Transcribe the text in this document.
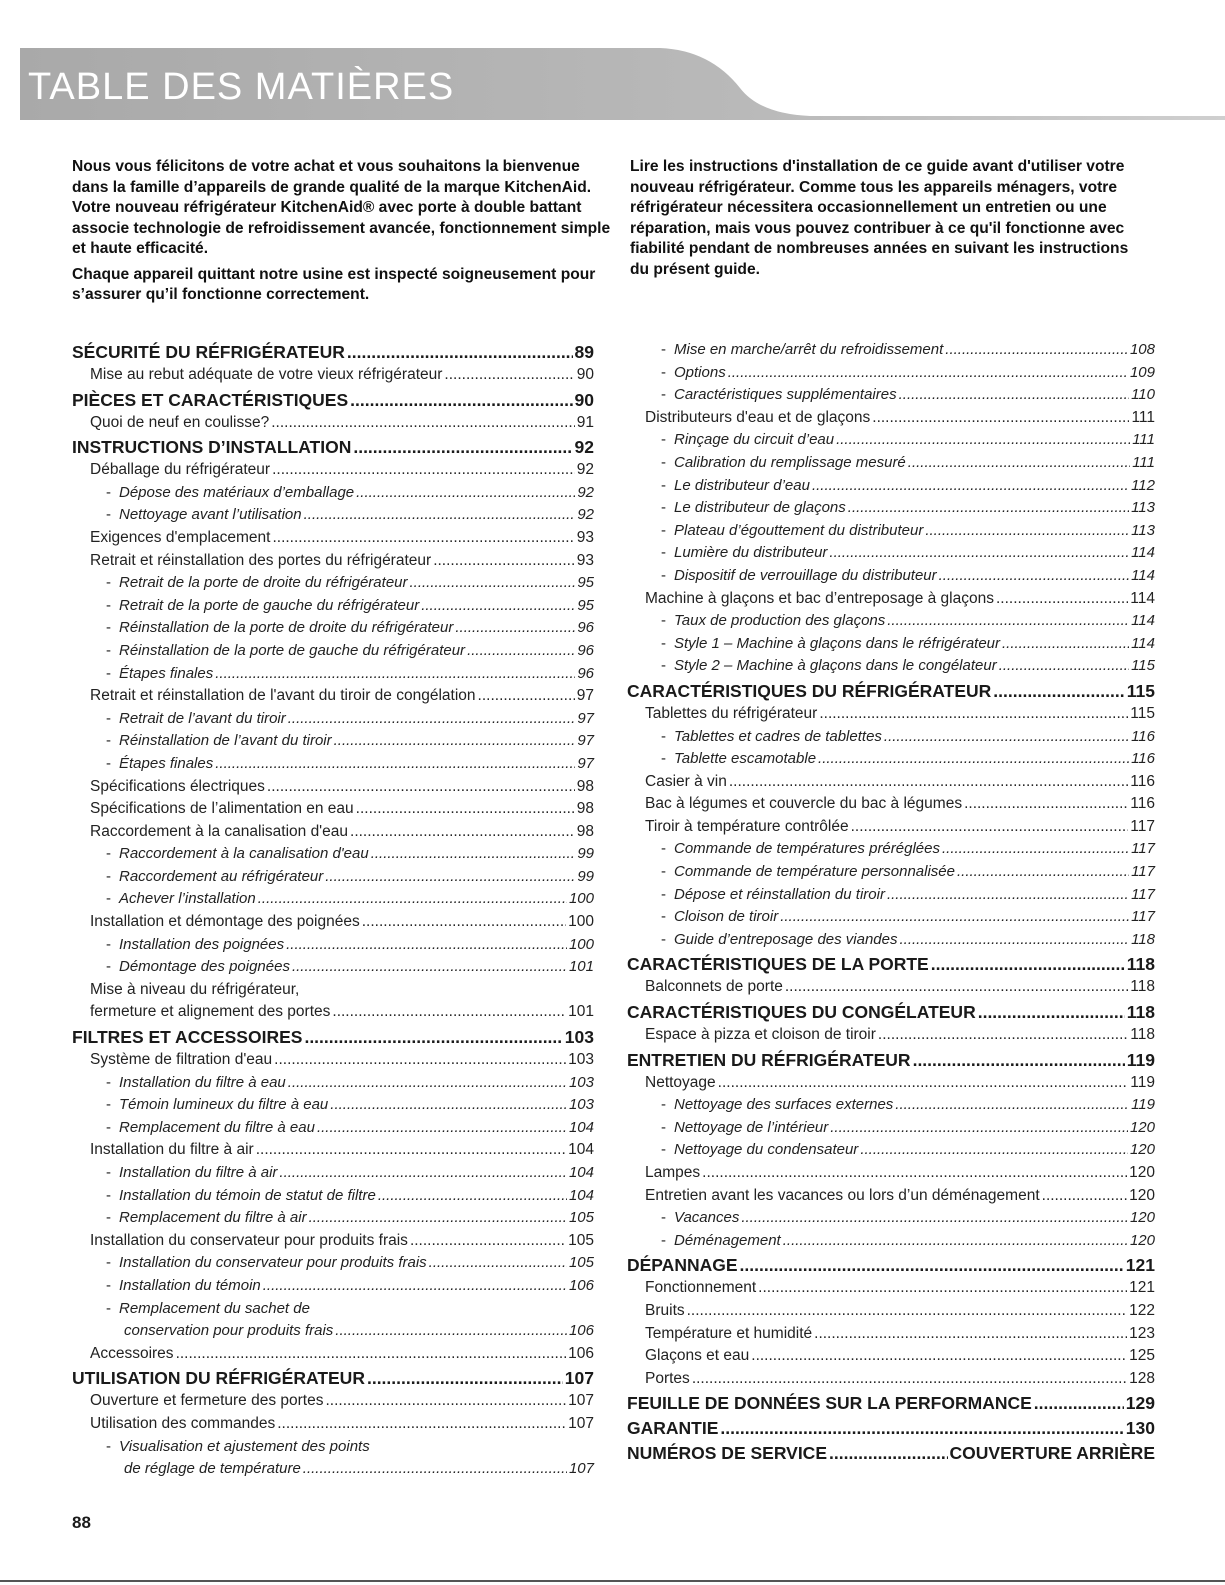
TABLE DES MATIÈRES

Nous vous félicitons de votre achat et vous souhaitons la bienvenue dans la famille d’appareils de grande qualité de la marque KitchenAid. Votre nouveau réfrigérateur KitchenAid® avec porte à double battant associe technologie de refroidissement avancée, fonctionnement simple et haute efficacité.

Chaque appareil quittant notre usine est inspecté soigneusement pour s’assurer qu’il fonctionne correctement.

Lire les instructions d'installation de ce guide avant d'utiliser votre nouveau réfrigérateur. Comme tous les appareils ménagers, votre réfrigérateur nécessitera occasionnellement un entretien ou une réparation, mais vous pouvez contribuer à ce qu'il fonctionne avec fiabilité pendant de nombreuses années en suivant les instructions du présent guide.

SÉCURITÉ DU RÉFRIGÉRATEUR .....	89
Mise au rebut adéquate de votre vieux réfrigérateur .....	90
PIÈCES ET CARACTÉRISTIQUES .....	90
Quoi de neuf en coulisse? .....	91
INSTRUCTIONS D’INSTALLATION .....	92
Déballage du réfrigérateur .....	92
- Dépose des matériaux d’emballage .....	92
- Nettoyage avant l’utilisation .....	92
Exigences d'emplacement .....	93
Retrait et réinstallation des portes du réfrigérateur .....	93
- Retrait de la porte de droite du réfrigérateur .....	95
- Retrait de la porte de gauche du réfrigérateur .....	95
- Réinstallation de la porte de droite du réfrigérateur .....	96
- Réinstallation de la porte de gauche du réfrigérateur .....	96
- Étapes finales .....	96
Retrait et réinstallation de l'avant du tiroir de congélation .....	97
- Retrait de l’avant du tiroir .....	97
- Réinstallation de l’avant du tiroir .....	97
- Étapes finales .....	97
Spécifications électriques .....	98
Spécifications de l’alimentation en eau .....	98
Raccordement à la canalisation d'eau .....	98
- Raccordement à la canalisation d'eau .....	99
- Raccordement au réfrigérateur .....	99
- Achever l’installation .....	100
Installation et démontage des poignées .....	100
- Installation des poignées .....	100
- Démontage des poignées .....	101
Mise à niveau du réfrigérateur,
fermeture et alignement des portes .....	101
FILTRES ET ACCESSOIRES .....	103
Système de filtration d'eau .....	103
- Installation du filtre à eau .....	103
- Témoin lumineux du filtre à eau .....	103
- Remplacement du filtre à eau .....	104
Installation du filtre à air .....	104
- Installation du filtre à air .....	104
- Installation du témoin de statut de filtre .....	104
- Remplacement du filtre à air .....	105
Installation du conservateur pour produits frais .....	105
- Installation du conservateur pour produits frais .....	105
- Installation du témoin .....	106
- Remplacement du sachet de
conservation pour produits frais .....	106
Accessoires .....	106
UTILISATION DU RÉFRIGÉRATEUR .....	107
Ouverture et fermeture des portes .....	107
Utilisation des commandes .....	107
- Visualisation et ajustement des points
de réglage de température .....	107
- Mise en marche/arrêt du refroidissement .....	108
- Options .....	109
- Caractéristiques supplémentaires .....	110
Distributeurs d'eau et de glaçons .....	111
- Rinçage du circuit d’eau .....	111
- Calibration du remplissage mesuré .....	111
- Le distributeur d’eau .....	112
- Le distributeur de glaçons .....	113
- Plateau d’égouttement du distributeur .....	113
- Lumière du distributeur .....	114
- Dispositif de verrouillage du distributeur .....	114
Machine à glaçons et bac d’entreposage à glaçons .....	114
- Taux de production des glaçons .....	114
- Style 1 – Machine à glaçons dans le réfrigérateur .....	114
- Style 2 – Machine à glaçons dans le congélateur .....	115
CARACTÉRISTIQUES DU RÉFRIGÉRATEUR .....	115
Tablettes du réfrigérateur .....	115
- Tablettes et cadres de tablettes .....	116
- Tablette escamotable .....	116
Casier à vin .....	116
Bac à légumes et couvercle du bac à légumes .....	116
Tiroir à température contrôlée .....	117
- Commande de températures préréglées .....	117
- Commande de température personnalisée .....	117
- Dépose et réinstallation du tiroir .....	117
- Cloison de tiroir .....	117
- Guide d’entreposage des viandes .....	118
CARACTÉRISTIQUES DE LA PORTE .....	118
Balconnets de porte .....	118
CARACTÉRISTIQUES DU CONGÉLATEUR .....	118
Espace à pizza et cloison de tiroir .....	118
ENTRETIEN DU RÉFRIGÉRATEUR .....	119
Nettoyage .....	119
- Nettoyage des surfaces externes .....	119
- Nettoyage de l’intérieur .....	120
- Nettoyage du condensateur .....	120
Lampes .....	120
Entretien avant les vacances ou lors d’un déménagement .....	120
- Vacances .....	120
- Déménagement .....	120
DÉPANNAGE .....	121
Fonctionnement .....	121
Bruits .....	122
Température et humidité .....	123
Glaçons et eau .....	125
Portes .....	128
FEUILLE DE DONNÉES SUR LA PERFORMANCE .....	129
GARANTIE .....	130
NUMÉROS DE SERVICE .....	COUVERTURE ARRIÈRE
88
